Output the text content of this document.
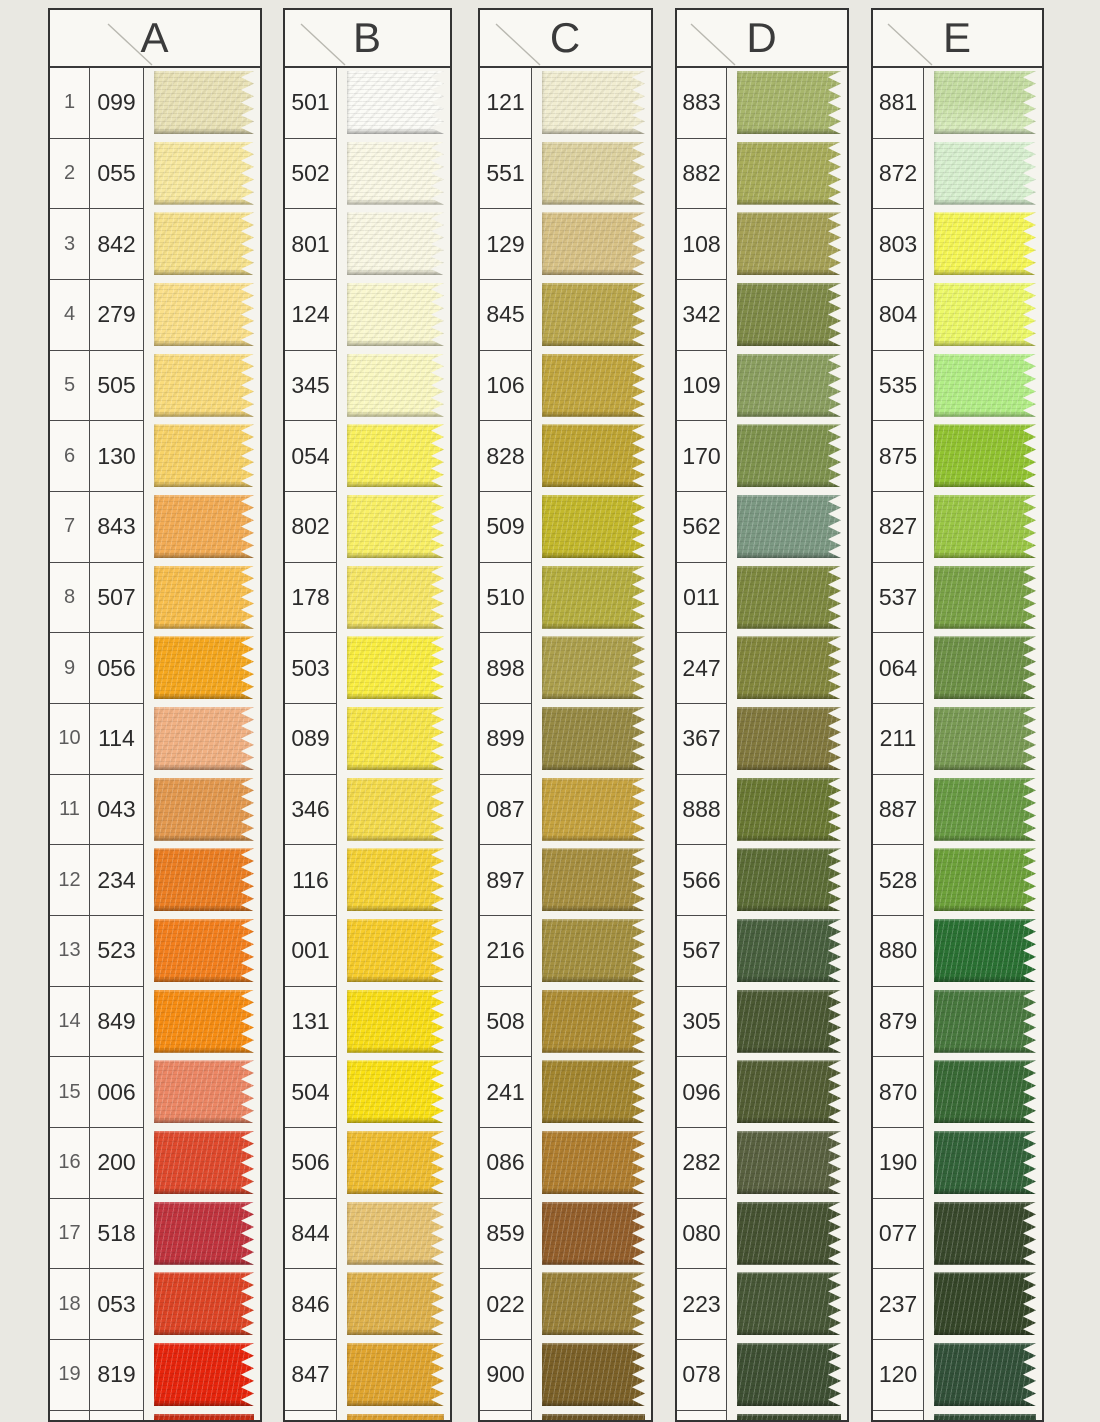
A
1 099
2 055
3 842
4 279
5 505
6 130
7 843
8 507
9 056
10 114
11 043
12 234
13 523
14 849
15 006
16 200
17 518
18 053
19 819
B
501
502
801
124
345
054
802
178
503
089
346
116
001
131
504
506
844
846
847
C
121
551
129
845
106
828
509
510
898
899
087
897
216
508
241
086
859
022
900
D
883
882
108
342
109
170
562
011
247
367
888
566
567
305
096
282
080
223
078
E
881
872
803
804
535
875
827
537
064
211
887
528
880
879
870
190
077
237
120
